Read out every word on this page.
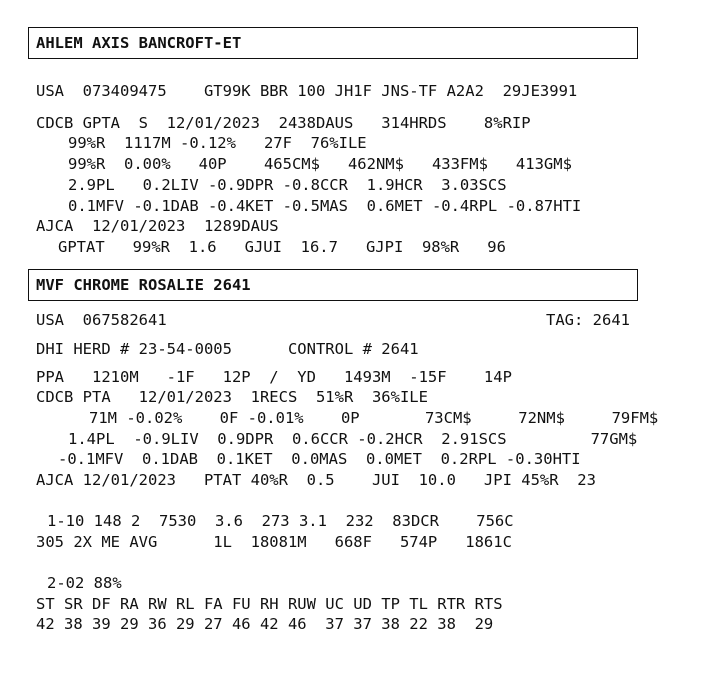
AHLEM AXIS BANCROFT-ET
USA  073409475    GT99K BBR 100 JH1F JNS-TF A2A2  29JE3991
CDCB GPTA  S  12/01/2023  2438DAUS   314HRDS    8%RIP
99%R  1117M -0.12%   27F  76%ILE
99%R  0.00%   40P    465CM$   462NM$   433FM$   413GM$
2.9PL   0.2LIV -0.9DPR -0.8CCR  1.9HCR  3.03SCS
0.1MFV -0.1DAB -0.4KET -0.5MAS  0.6MET -0.4RPL -0.87HTI
AJCA  12/01/2023  1289DAUS
GPTAT   99%R  1.6   GJUI  16.7   GJPI  98%R   96
MVF CHROME ROSALIE 2641
USA  067582641	TAG: 2641
DHI HERD # 23-54-0005      CONTROL # 2641
PPA   1210M   -1F   12P  /  YD   1493M  -15F    14P
CDCB PTA   12/01/2023  1RECS  51%R  36%ILE
71M -0.02%    0F -0.01%    0P       73CM$     72NM$     79FM$
1.4PL  -0.9LIV  0.9DPR  0.6CCR -0.2HCR  2.91SCS         77GM$
-0.1MFV  0.1DAB  0.1KET  0.0MAS  0.0MET  0.2RPL -0.30HTI
AJCA 12/01/2023   PTAT 40%R  0.5    JUI  10.0   JPI 45%R  23
1-10 148 2  7530  3.6  273 3.1  232  83DCR    756C
305 2X ME AVG      1L  18081M   668F   574P   1861C
2-02 88%
ST SR DF RA RW RL FA FU RH RUW UC UD TP TL RTR RTS
42 38 39 29 36 29 27 46 42 46  37 37 38 22 38  29
